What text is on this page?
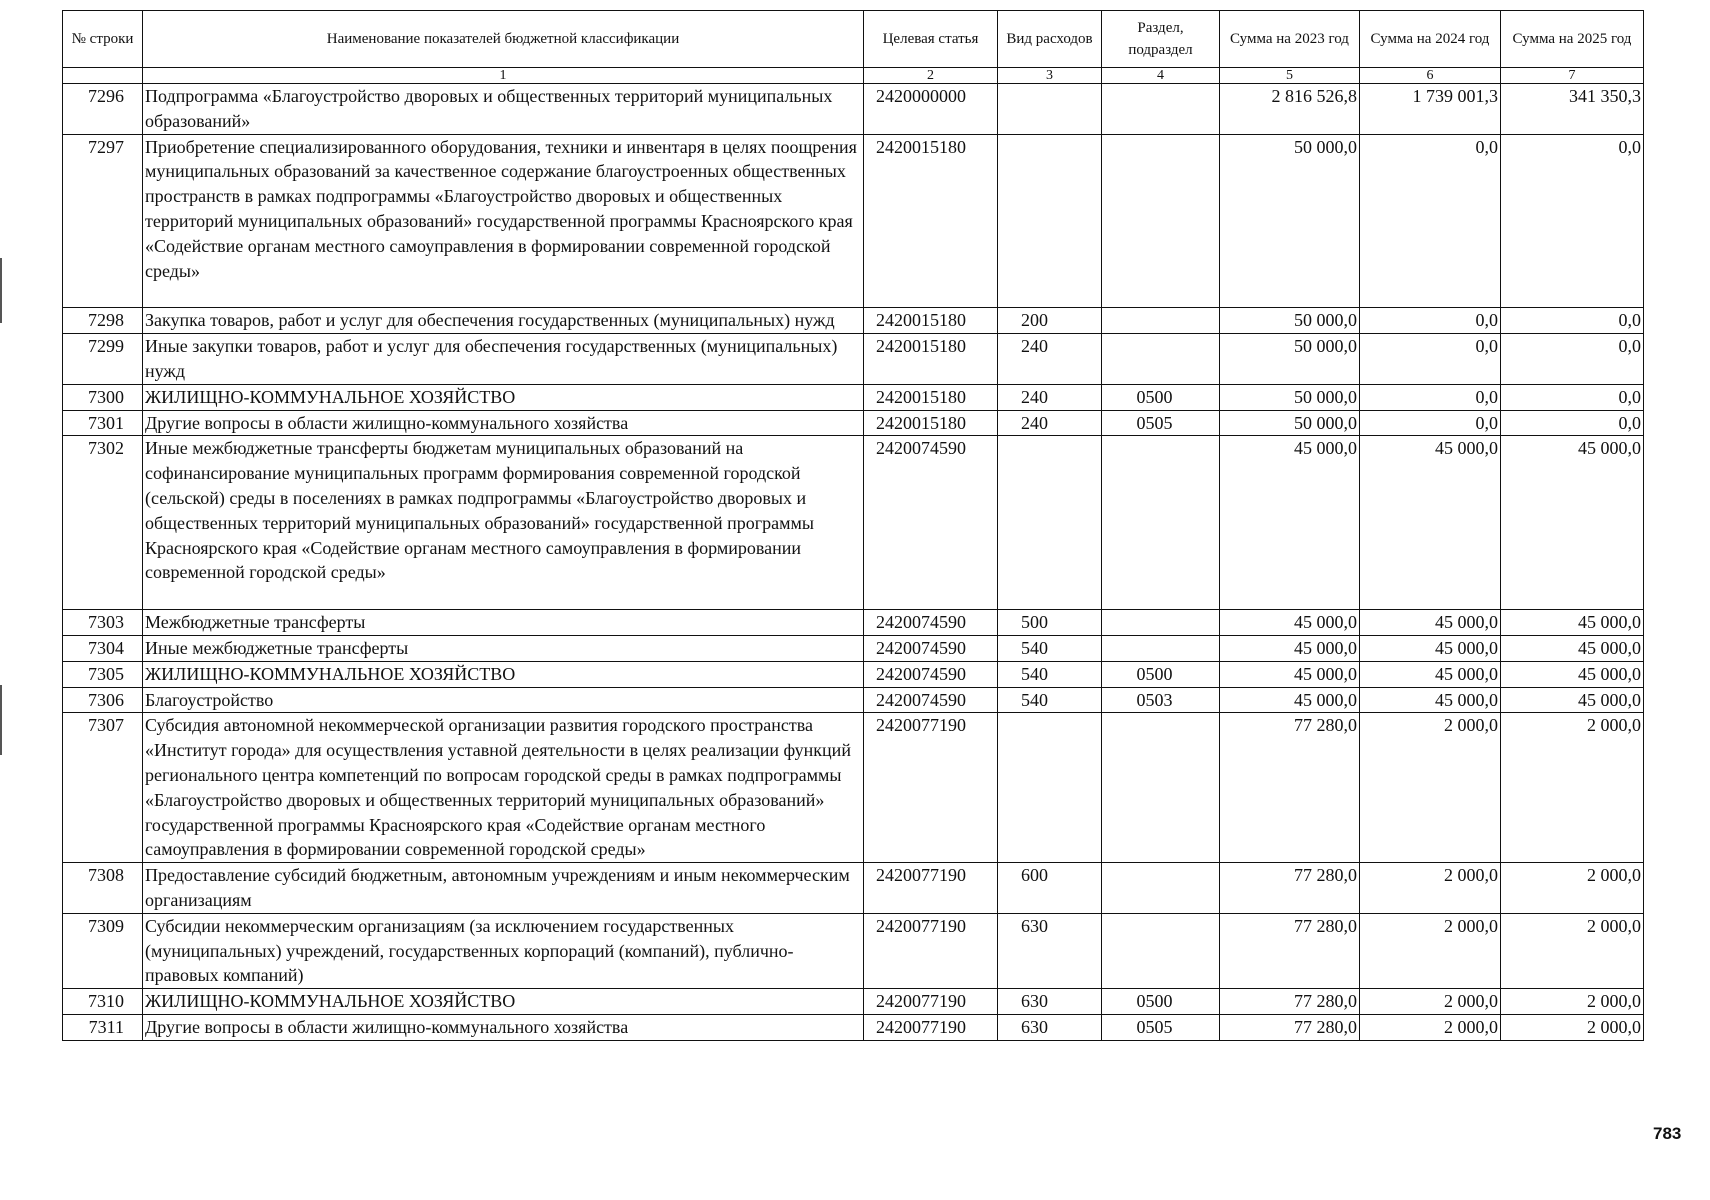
№ строки	Наименование показателей бюджетной классификации	Целевая статья	Вид расходов	Раздел, подраздел	Сумма на 2023 год	Сумма на 2024 год	Сумма на 2025 год
	1	2	3	4	5	6	7
7296	Подпрограмма «Благоустройство дворовых и общественных территорий муниципальных образований»	2420000000			2 816 526,8	1 739 001,3	341 350,3
7297	Приобретение специализированного оборудования, техники и инвентаря в целях поощрения муниципальных образований за качественное содержание благоустроенных общественных пространств в рамках подпрограммы «Благоустройство дворовых и общественных территорий муниципальных образований» государственной программы Красноярского края «Содействие органам местного самоуправления в формировании современной городской среды»	2420015180			50 000,0	0,0	0,0
7298	Закупка товаров, работ и услуг для обеспечения государственных (муниципальных) нужд	2420015180	200		50 000,0	0,0	0,0
7299	Иные закупки товаров, работ и услуг для обеспечения государственных (муниципальных) нужд	2420015180	240		50 000,0	0,0	0,0
7300	ЖИЛИЩНО-КОММУНАЛЬНОЕ ХОЗЯЙСТВО	2420015180	240	0500	50 000,0	0,0	0,0
7301	Другие вопросы в области жилищно-коммунального хозяйства	2420015180	240	0505	50 000,0	0,0	0,0
7302	Иные межбюджетные трансферты бюджетам муниципальных образований на софинансирование муниципальных программ формирования современной городской (сельской) среды в поселениях в рамках подпрограммы «Благоустройство дворовых и общественных территорий муниципальных образований» государственной программы Красноярского края «Содействие органам местного самоуправления в формировании современной городской среды»	2420074590			45 000,0	45 000,0	45 000,0
7303	Межбюджетные трансферты	2420074590	500		45 000,0	45 000,0	45 000,0
7304	Иные межбюджетные трансферты	2420074590	540		45 000,0	45 000,0	45 000,0
7305	ЖИЛИЩНО-КОММУНАЛЬНОЕ ХОЗЯЙСТВО	2420074590	540	0500	45 000,0	45 000,0	45 000,0
7306	Благоустройство	2420074590	540	0503	45 000,0	45 000,0	45 000,0
7307	Субсидия автономной некоммерческой организации развития городского пространства «Институт города» для осуществления уставной деятельности в целях реализации функций регионального центра компетенций по вопросам городской среды в рамках подпрограммы «Благоустройство дворовых и общественных территорий муниципальных образований» государственной программы Красноярского края «Содействие органам местного самоуправления в формировании современной городской среды»	2420077190			77 280,0	2 000,0	2 000,0
7308	Предоставление субсидий бюджетным, автономным учреждениям и иным некоммерческим организациям	2420077190	600		77 280,0	2 000,0	2 000,0
7309	Субсидии некоммерческим организациям (за исключением государственных (муниципальных) учреждений, государственных корпораций (компаний), публично-правовых компаний)	2420077190	630		77 280,0	2 000,0	2 000,0
7310	ЖИЛИЩНО-КОММУНАЛЬНОЕ ХОЗЯЙСТВО	2420077190	630	0500	77 280,0	2 000,0	2 000,0
7311	Другие вопросы в области жилищно-коммунального хозяйства	2420077190	630	0505	77 280,0	2 000,0	2 000,0
783
